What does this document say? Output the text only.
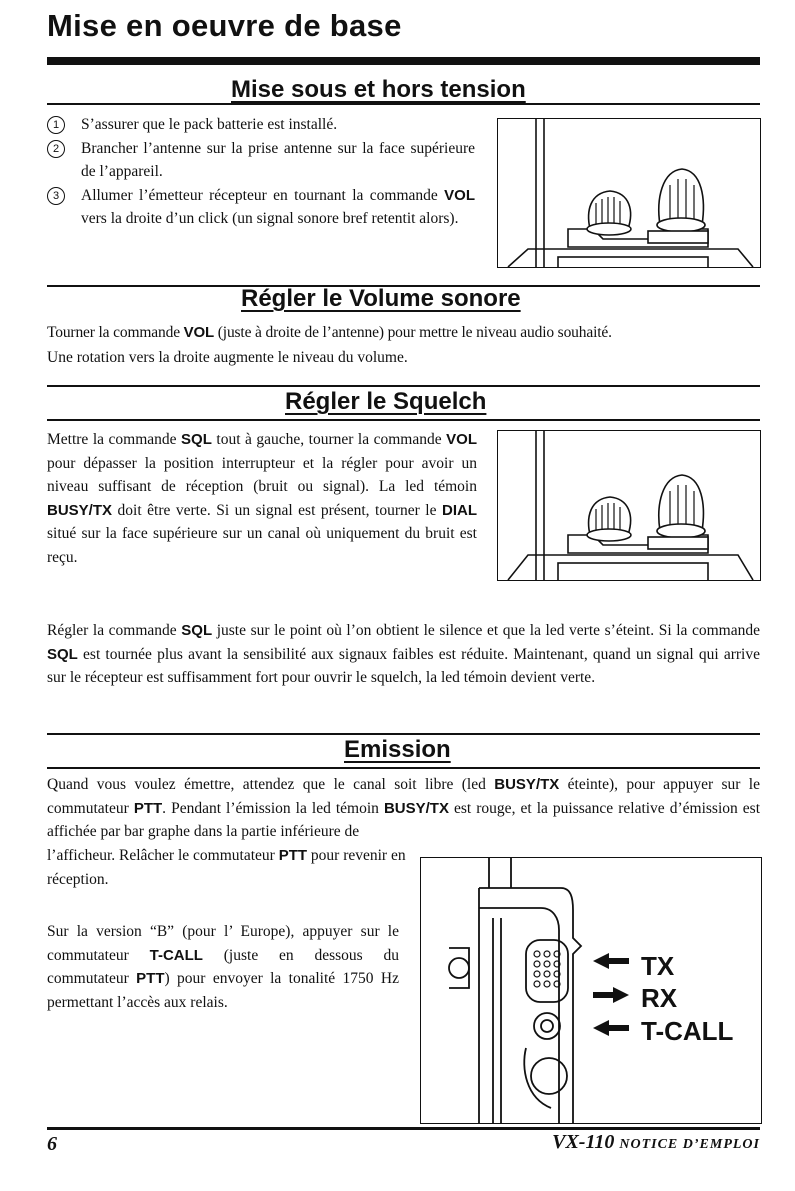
Mise en oeuvre de base
Mise sous et hors tension
1	S’assurer que le pack batterie est installé.
2	Brancher l’antenne sur la prise antenne sur la face supérieure de l’appareil.
3	Allumer l’émetteur récepteur en tournant la commande VOL vers la droite d’un click (un signal sonore bref retentit alors).
Régler le Volume sonore
Tourner la commande VOL (juste à droite de l’antenne) pour mettre le niveau audio souhaité.
Une rotation vers la droite augmente le niveau du volume.
Régler le Squelch
Mettre la commande SQL tout à gauche, tourner la commande VOL pour dépasser la position interrupteur et la régler pour avoir un niveau suffisant de réception (bruit ou signal). La led témoin BUSY/TX doit être verte. Si un signal est présent, tourner le DIAL situé sur la face supérieure sur un canal où uniquement du bruit est reçu.
Régler la commande SQL juste sur le point où l’on obtient le silence et que la led verte s’éteint. Si la commande SQL est tournée plus avant la sensibilité aux signaux faibles est réduite. Maintenant, quand un signal qui arrive sur le récepteur est suffisamment fort pour ouvrir le squelch, la led témoin devient verte.
Emission
Quand vous voulez émettre, attendez que le canal soit libre (led BUSY/TX éteinte), pour appuyer sur le commutateur PTT. Pendant l’émission la led témoin BUSY/TX est rouge, et la puissance relative d’émission est affichée par bar graphe dans la partie inférieure de
l’afficheur. Relâcher le commutateur PTT pour revenir en réception.
Sur la version “B” (pour l’ Europe), appuyer sur le commutateur T-CALL (juste en dessous du commutateur PTT) pour envoyer la tonalité 1750 Hz permettant l’accès aux relais.
TX
RX
T-CALL
6	VX-110 NOTICE D’EMPLOI
